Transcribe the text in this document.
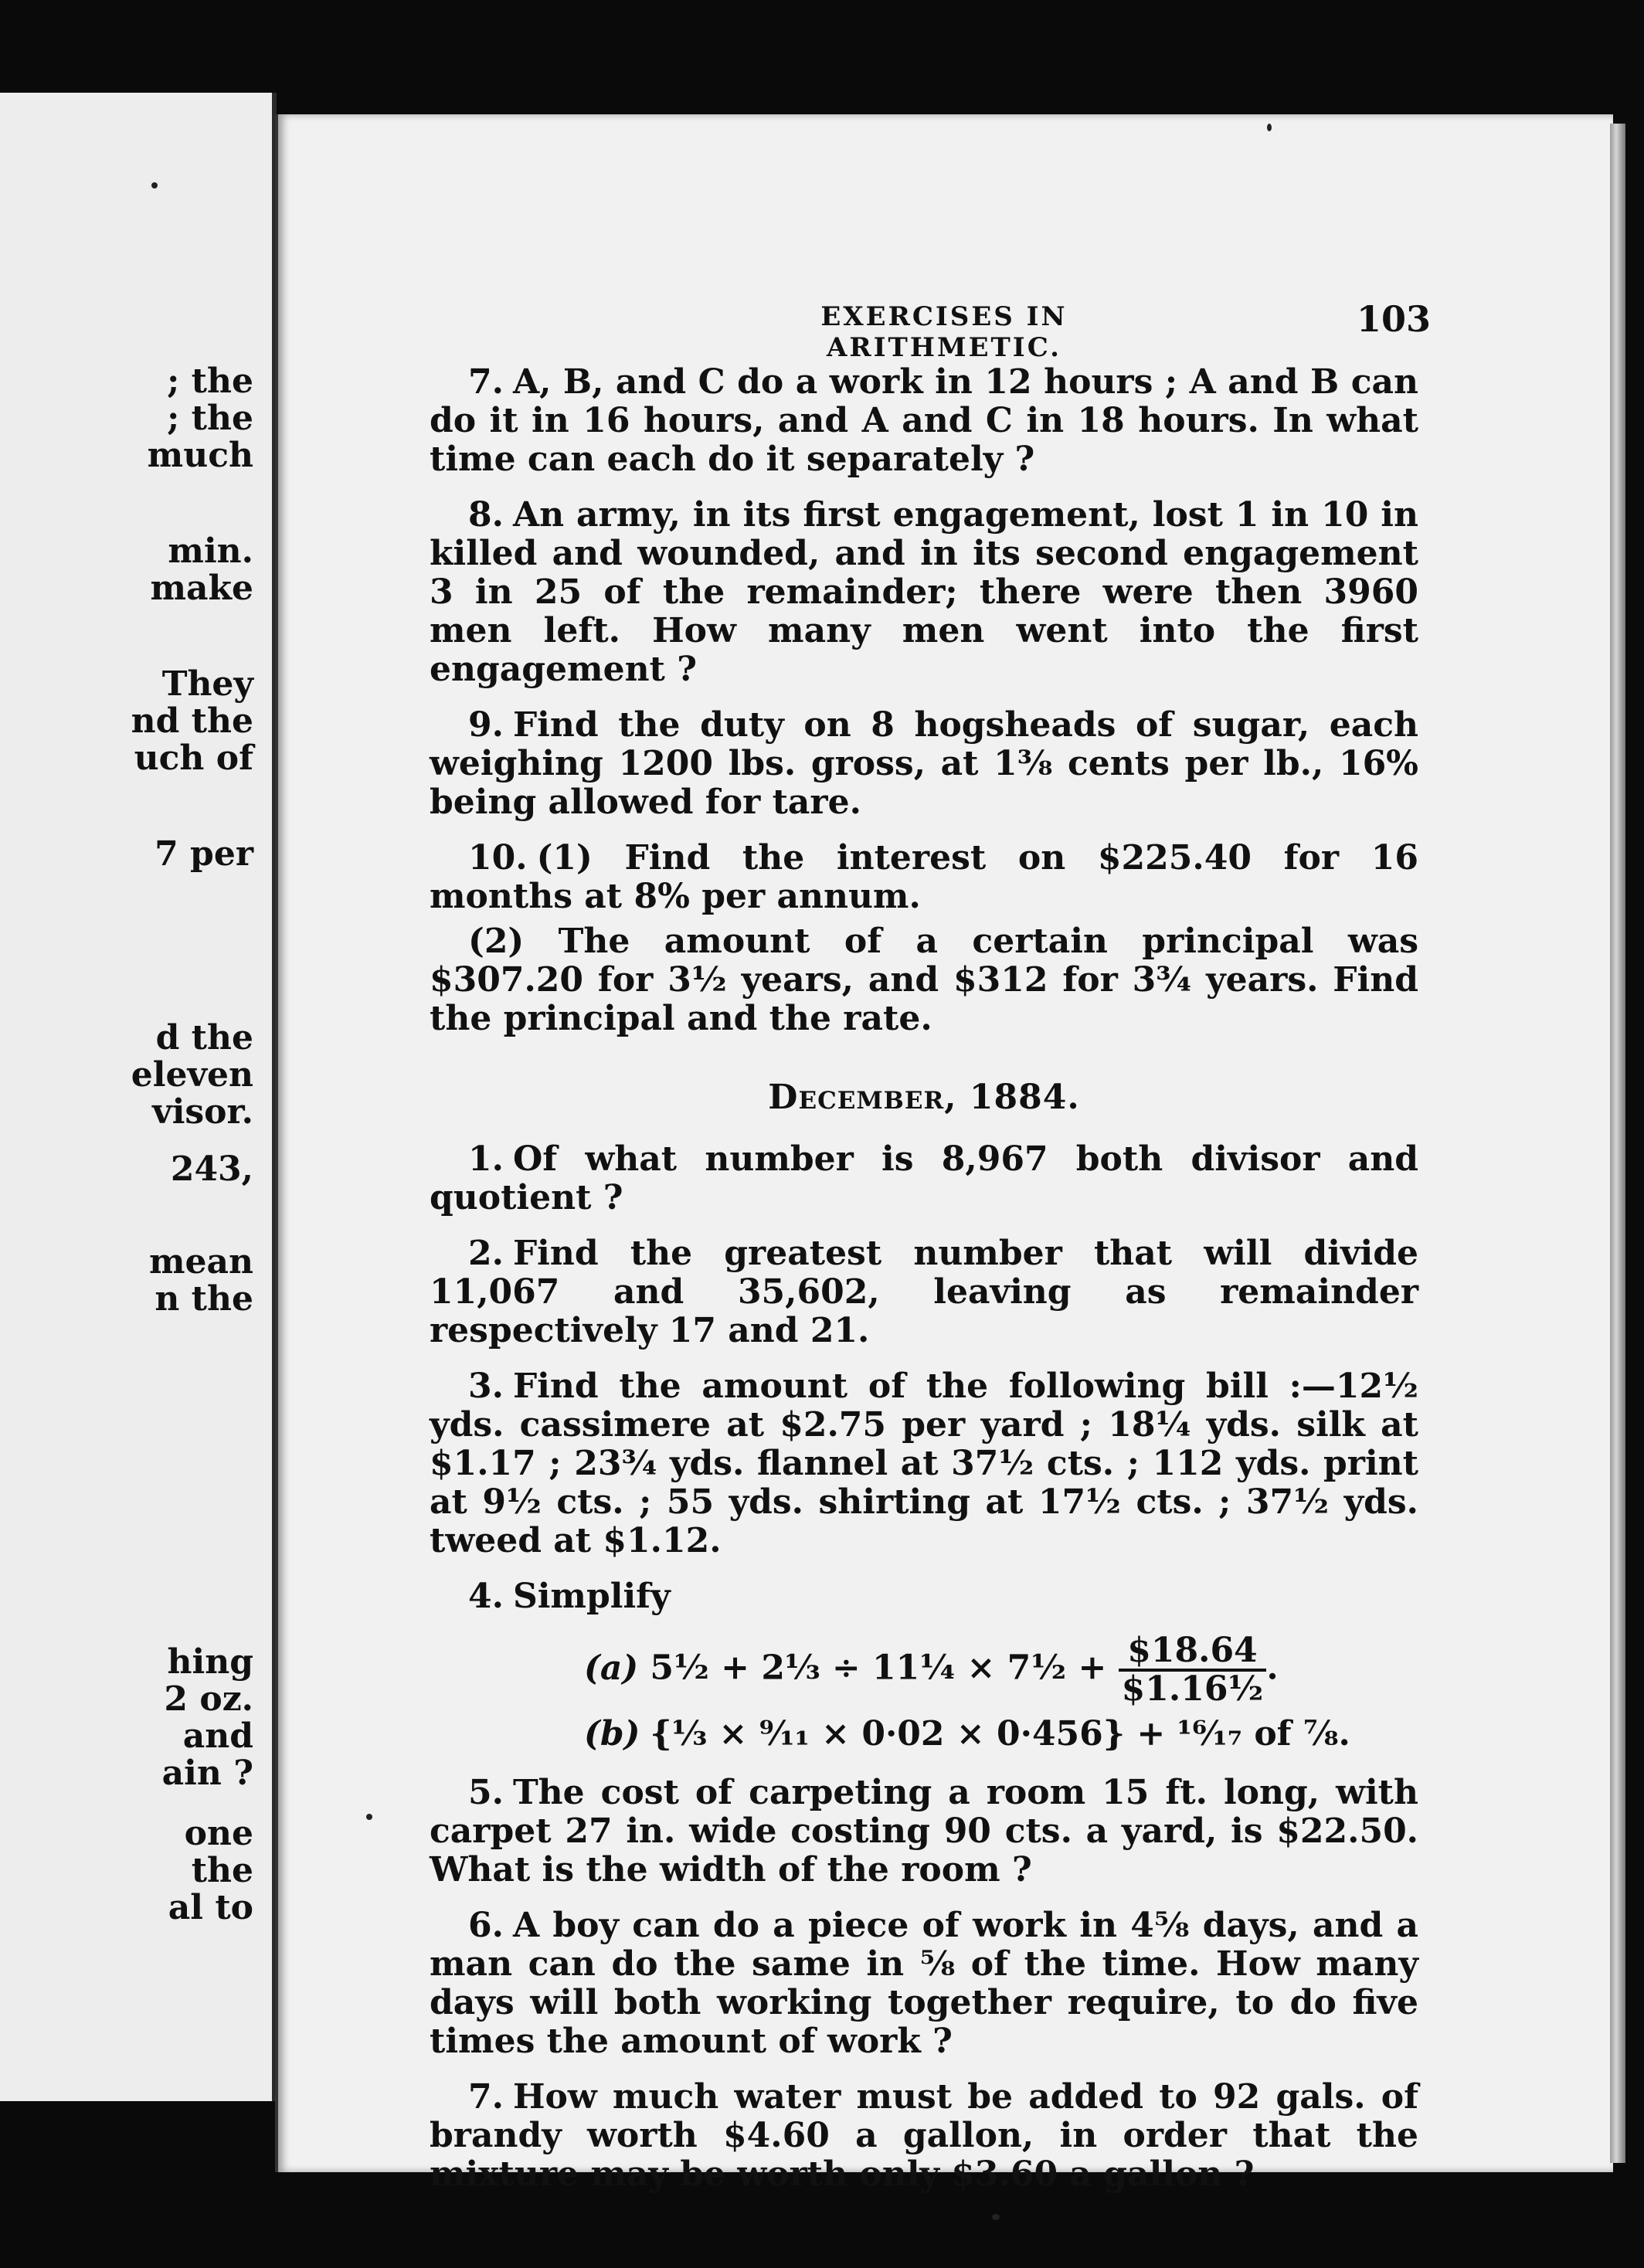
; the
; the
much
min.
make
They
nd the
uch of
7 per
d the
eleven
visor.
243,
mean
n the
hing
2 oz.
and
ain ?
one
the
al to
EXERCISES IN ARITHMETIC.
103

7. A, B, and C do a work in 12 hours ; A and B can do it in 16 hours, and A and C in 18 hours. In what time can each do it separately ?

8. An army, in its first engagement, lost 1 in 10 in killed and wounded, and in its second engagement 3 in 25 of the remainder; there were then 3960 men left. How many men went into the first engagement ?

9. Find the duty on 8 hogsheads of sugar, each weighing 1200 lbs. gross, at 1⅜ cents per lb., 16% being allowed for tare.

10. (1) Find the interest on $225.40 for 16 months at 8% per annum.

(2) The amount of a certain principal was $307.20 for 3½ years, and $312 for 3¾ years. Find the principal and the rate.

December, 1884.

1. Of what number is 8,967 both divisor and quotient ?

2. Find the greatest number that will divide 11,067 and 35,602, leaving as remainder respectively 17 and 21.

3. Find the amount of the following bill :—12½ yds. cassimere at $2.75 per yard ; 18¼ yds. silk at $1.17 ; 23¾ yds. flannel at 37½ cts. ; 112 yds. print at 9½ cts. ; 55 yds. shirting at 17½ cts. ; 37½ yds. tweed at $1.12.

4. Simplify

(a) 5½ + 2⅓ ÷ 11¼ × 7½ + $\frac{\$18.64}{\text{\$1.16½}}$ .
(b) {⅓ × ⁹⁄₁₁ × 0·02 × 0·456} + ¹⁶⁄₁₇ of ⅞.

5. The cost of carpeting a room 15 ft. long, with carpet 27 in. wide costing 90 cts. a yard, is $22.50. What is the width of the room ?

6. A boy can do a piece of work in 4⅝ days, and a man can do the same in ⅝ of the time. How many days will both working together require, to do five times the amount of work ?

7. How much water must be added to 92 gals. of brandy worth $4.60 a gallon, in order that the mixture may be worth only $3.60 a gallon ?
